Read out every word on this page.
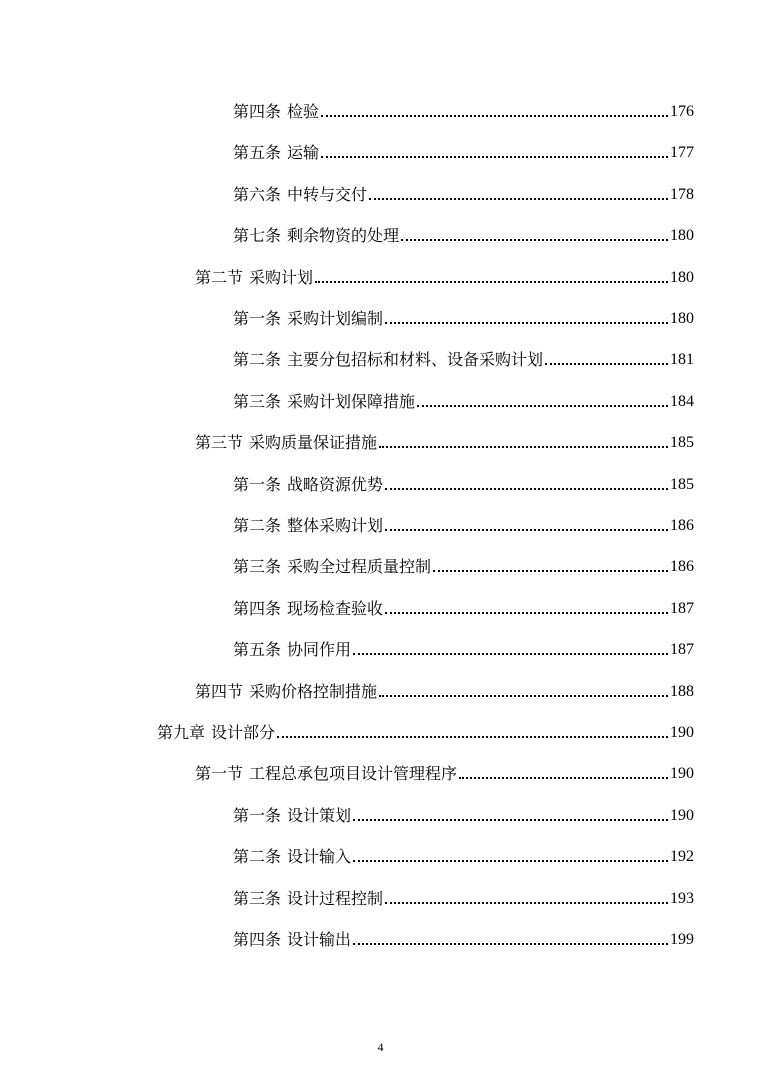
第四条 检验	176
第五条 运输	177
第六条 中转与交付	178
第七条 剩余物资的处理	180
第二节 采购计划	180
第一条 采购计划编制	180
第二条 主要分包招标和材料、设备采购计划	181
第三条 采购计划保障措施	184
第三节 采购质量保证措施	185
第一条 战略资源优势	185
第二条 整体采购计划	186
第三条 采购全过程质量控制	186
第四条 现场检查验收	187
第五条 协同作用	187
第四节 采购价格控制措施	188
第九章 设计部分	190
第一节 工程总承包项目设计管理程序	190
第一条 设计策划	190
第二条 设计输入	192
第三条 设计过程控制	193
第四条 设计输出	199
4
